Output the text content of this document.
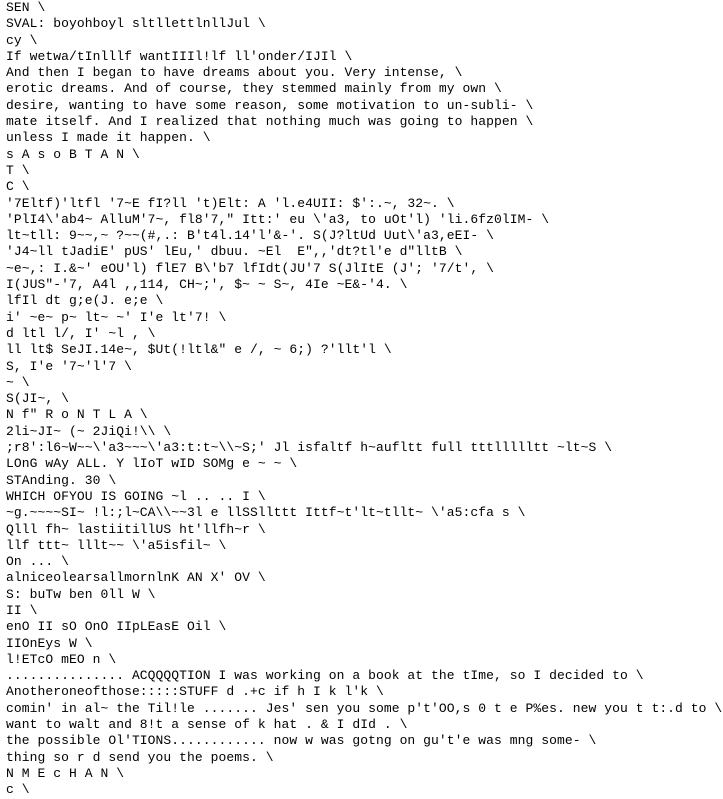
SEN \
SVAL: boyohboyl sltllettlnllJul \
cy \
If wetwa/tInlllf wantIIIl!lf ll'onder/IJIl \
And then I began to have dreams about you. Very intense, \
erotic dreams. And of course, they stemmed mainly from my own \
desire, wanting to have some reason, some motivation to un-subli- \
mate itself. And I realized that nothing much was going to happen \
unless I made it happen. \
s A s o B T A N \
T \
C \
'7Eltf)'ltfl '7~E fI?ll 't)Elt: A 'l.e4UII: $':.~, 32~. \
'PlI4\'ab4~ AlluM'7~, fl8'7," Itt:' eu \'a3, to uOt'l) 'li.6fz0lIM- \
lt~tll: 9~~,~ ?~~(#,.: B't4l.14'l'&-'. S(J?ltUd Uut\'a3,eEI- \
'J4~ll tJadiE' pUS' lEu,' dbuu. ~El  E",,'dt?tl'e d"lltB \
~e~,: I.&~' eOU'l) flE7 B\'b7 lfIdt(JU'7 S(JlItE (J'; '7/t', \
I(JUS"-'7, A4l ,,114, CH~;', $~ ~ S~, 4Ie ~E&-'4. \
lfIl dt g;e(J. e;e \
i' ~e~ p~ lt~ ~' I'e lt'7! \
d ltl l/, I' ~l , \
ll lt$ SeJI.14e~, $Ut(!ltl&" e /, ~ 6;) ?'llt'l \
S, I'e '7~'l'7 \
~ \
S(JI~, \
N f" R o N T L A \
2li~JI~ (~ 2JiQi!\\ \
;r8':l6~W~~\'a3~~~\'a3:t:t~\\~S;' Jl isfaltf h~aufltt full tttllllltt ~lt~S \
LOnG wAy ALL. Y lIoT wID SOMg e ~ ~ \
STAnding. 30 \
WHICH OFYOU IS GOING ~l .. .. I \
~g.~~~~SI~ !l:;l~CA\\~~3l e llSSllttt Ittf~t'lt~tllt~ \'a5:cfa s \
Qlll fh~ lastiitillUS ht'llfh~r \
llf ttt~ lllt~~ \'a5isfil~ \
On ... \
alniceolearsallmornlnK AN X' OV \
S: buTw ben 0ll W \
II \
enO II sO OnO IIpLEasE Oil \
IIOnEys W \
l!ETcO mEO n \
............... ACQQQQTION I was working on a book at the tIme, so I decided to \
Anotheroneofthose:::::STUFF d .+c if h I k l'k \
comin' in al~ the Til!le ....... Jes' sen you some p't'OO,s 0 t e P%es. new you t t:.d to \
want to walt and 8!t a sense of k hat . & I dId . \
the possible Ol'TIONS............ now w was gotng on gu't'e was mng some- \
thing so r d send you the poems. \
N M E c H A N \
c \
